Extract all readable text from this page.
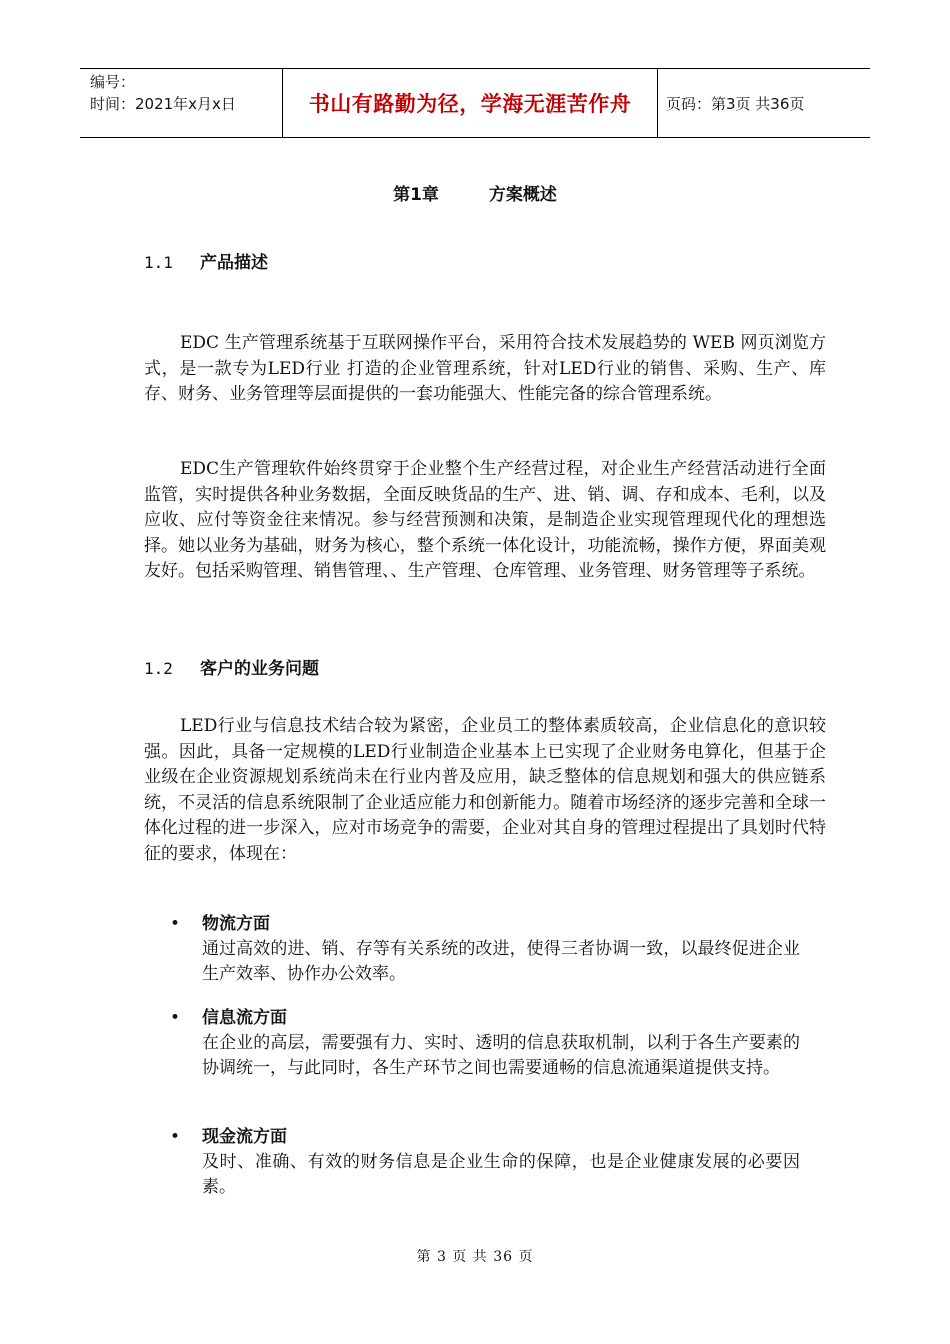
编号：
时间：2021年x月x日	书山有路勤为径，学海无涯苦作舟	页码：第3页 共36页
第1章	方案概述
1.1 产品描述

EDC 生产管理系统基于互联网操作平台，采用符合技术发展趋势的 WEB 网页浏览方式，是一款专为LED行业 打造的企业管理系统，针对LED行业的销售、采购、生产、库存、财务、业务管理等层面提供的一套功能强大、性能完备的综合管理系统。

EDC生产管理软件始终贯穿于企业整个生产经营过程，对企业生产经营活动进行全面监管，实时提供各种业务数据，全面反映货品的生产、进、销、调、存和成本、毛利，以及应收、应付等资金往来情况。参与经营预测和决策，是制造企业实现管理现代化的理想选择。她以业务为基础，财务为核心，整个系统一体化设计，功能流畅，操作方便，界面美观友好。包括采购管理、销售管理、、生产管理、仓库管理、业务管理、财务管理等子系统。

1.2 客户的业务问题

LED行业与信息技术结合较为紧密，企业员工的整体素质较高，企业信息化的意识较强。因此，具备一定规模的LED行业制造企业基本上已实现了企业财务电算化，但基于企业级在企业资源规划系统尚未在行业内普及应用，缺乏整体的信息规划和强大的供应链系统，不灵活的信息系统限制了企业适应能力和创新能力。随着市场经济的逐步完善和全球一体化过程的进一步深入，应对市场竞争的需要，企业对其自身的管理过程提出了具划时代特征的要求，体现在：

• 物流方面
通过高效的进、销、存等有关系统的改进，使得三者协调一致，以最终促进企业生产效率、协作办公效率。
• 信息流方面
在企业的高层，需要强有力、实时、透明的信息获取机制，以利于各生产要素的协调统一，与此同时，各生产环节之间也需要通畅的信息流通渠道提供支持。
• 现金流方面
及时、准确、有效的财务信息是企业生命的保障，也是企业健康发展的必要因素。
第 3 页 共 36 页
